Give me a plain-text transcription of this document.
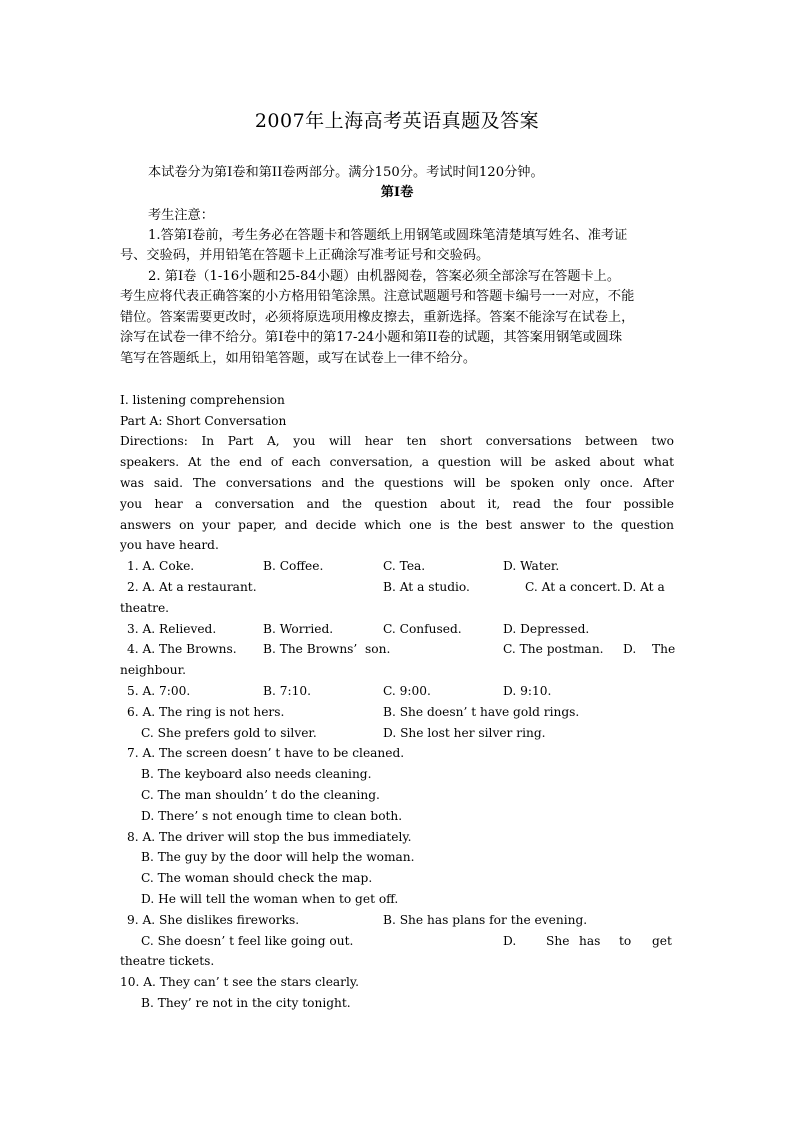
2007年上海高考英语真题及答案
本试卷分为第I卷和第II卷两部分。满分150分。考试时间120分钟。
第I卷
考生注意：
1.答第I卷前，考生务必在答题卡和答题纸上用钢笔或圆珠笔清楚填写姓名、准考证
号、交验码，并用铅笔在答题卡上正确涂写准考证号和交验码。
2. 第I卷（1-16小题和25-84小题）由机器阅卷，答案必须全部涂写在答题卡上。
考生应将代表正确答案的小方格用铅笔涂黑。注意试题题号和答题卡编号一一对应，不能
错位。答案需要更改时，必须将原选项用橡皮擦去，重新选择。答案不能涂写在试卷上，
涂写在试卷一律不给分。第I卷中的第17-24小题和第II卷的试题，其答案用钢笔或圆珠
笔写在答题纸上，如用铅笔答题，或写在试卷上一律不给分。
I. listening comprehension
Part A: Short Conversation
Directions: In Part A, you will hear ten short conversations between two
speakers. At the end of each conversation, a question will be asked about what
was said. The conversations and the questions will be spoken only once. After
you hear a conversation and the question about it, read the four possible
answers on your paper, and decide which one is the best answer to the question
you have heard.
1. A. Coke.	B. Coffee.	C. Tea.	D. Water.
2. A. At a restaurant.	B. At a studio.	C. At a concert. D. At a
theatre.
3. A. Relieved.	B. Worried.	C. Confused.	D. Depressed.
4. A. The Browns. B. The Browns’  son.	C. The postman. D. The
neighbour.
5. A. 7:00.	B. 7:10.	C. 9:00.	D. 9:10.
6. A. The ring is not hers.	B. She doesn’ t have gold rings.
C. She prefers gold to silver.	D. She lost her silver ring.
7. A. The screen doesn’ t have to be cleaned.
B. The keyboard also needs cleaning.
C. The man shouldn’ t do the cleaning.
D. There’ s not enough time to clean both.
8. A. The driver will stop the bus immediately.
B. The guy by the door will help the woman.
C. The woman should check the map.
D. He will tell the woman when to get off.
9. A. She dislikes fireworks.	B. She has plans for the evening.
C. She doesn’ t feel like going out.	D. She has to get
theatre tickets.
10. A. They can’ t see the stars clearly.
B. They’ re not in the city tonight.
